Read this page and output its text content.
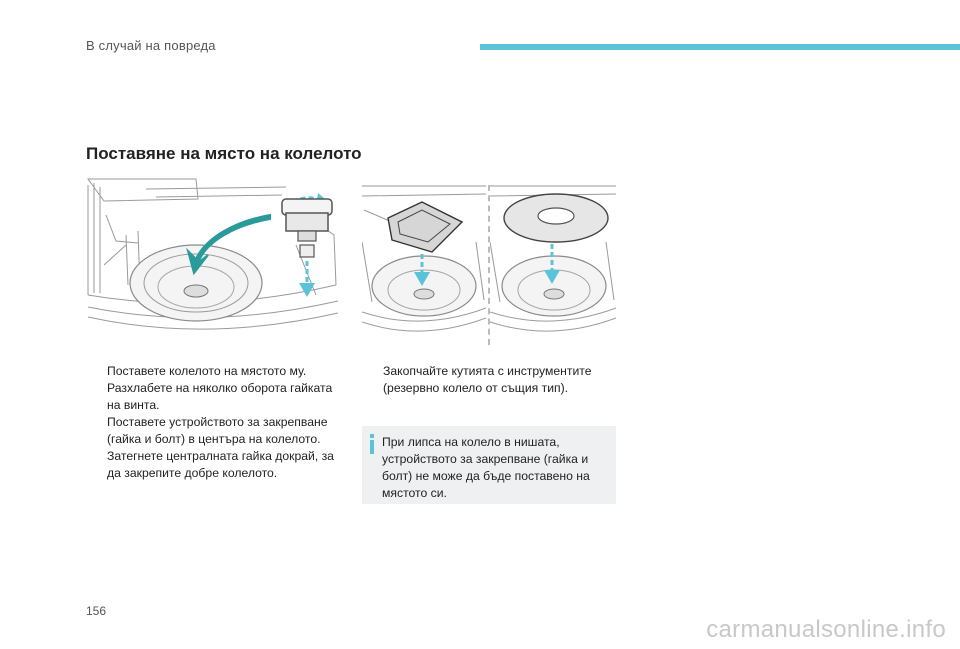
В случай на повреда
Поставяне на място на колелото
Поставете колелото на мястото му.
Разхлабете на няколко оборота гайката на винта.
Поставете устройството за закрепване (гайка и болт) в центъра на колелото.
Затегнете централната гайка докрай, за да закрепите добре колелото.
Закопчайте кутията с инструментите (резервно колело от същия тип).
При липса на колело в нишата, устройството за закрепване (гайка и болт) не може да бъде поставено на мястото си.
156
carmanualsonline.info
